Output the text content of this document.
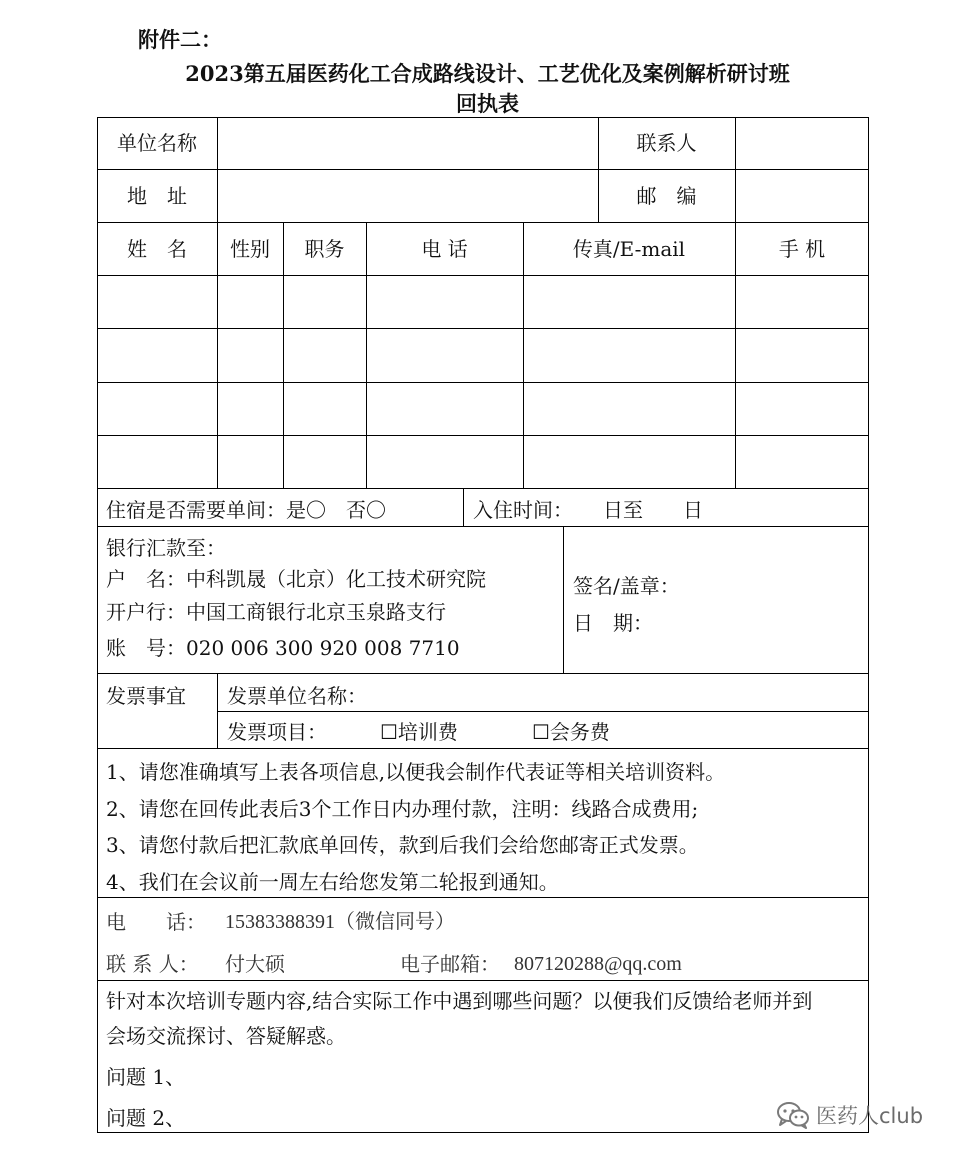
附件二：
2023第五届医药化工合成路线设计、工艺优化及案例解析研讨班
回执表
单位名称	联系人
地　址	邮　编
姓　名	性别	职务	电 话	传真/E-mail	手 机
住宿是否需要单间：是〇　否〇	入住时间：　　日至　　日
银行汇款至：
户　名：中科凯晟（北京）化工技术研究院
开户行：中国工商银行北京玉泉路支行
账　号：020 006 300 920 008 7710
签名/盖章：
日　期：
发票事宜 发票单位名称：
发票项目：	☐培训费	☐会务费
1、请您准确填写上表各项信息,以便我会制作代表证等相关培训资料。
2、请您在回传此表后3个工作日内办理付款，注明：线路合成费用;
3、请您付款后把汇款底单回传，款到后我们会给您邮寄正式发票。
4、我们在会议前一周左右给您发第二轮报到通知。
电　　话： 15383388391（微信同号）
联 系 人： 付大硕	电子邮箱： 807120288@qq.com
针对本次培训专题内容,结合实际工作中遇到哪些问题？以便我们反馈给老师并到
会场交流探讨、答疑解惑。
问题 1、
问题 2、	医药人club
